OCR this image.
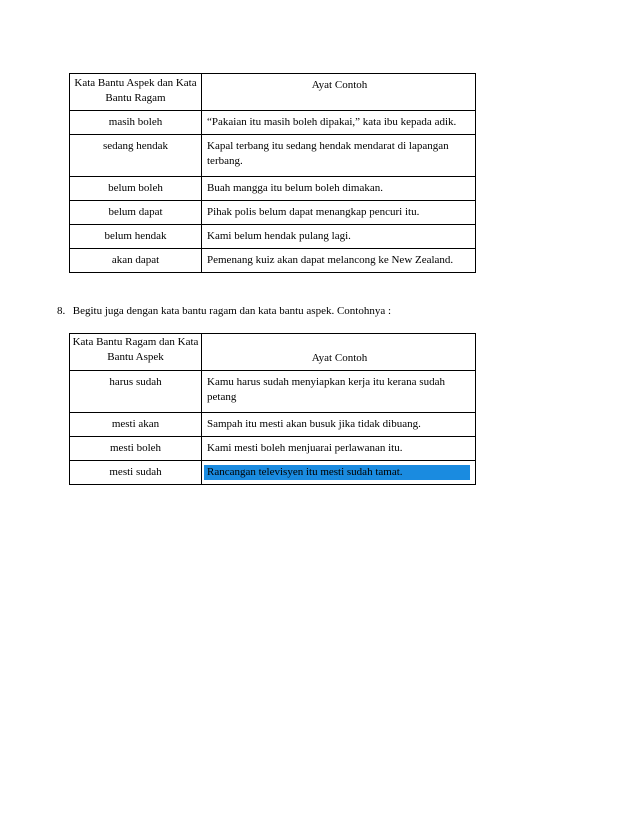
Kata Bantu Aspek dan Kata Bantu Ragam	Ayat Contoh
masih boleh	“Pakaian itu masih boleh dipakai,” kata ibu kepada adik.
sedang hendak	Kapal terbang itu sedang hendak mendarat di lapangan terbang.
belum boleh	Buah mangga itu belum boleh dimakan.
belum dapat	Pihak polis belum dapat menangkap pencuri itu.
belum hendak	Kami belum hendak pulang lagi.
akan dapat	Pemenang kuiz akan dapat melancong ke New Zealand.
8. Begitu juga dengan kata bantu ragam dan kata bantu aspek. Contohnya :
Kata Bantu Ragam dan Kata Bantu Aspek	Ayat Contoh
harus sudah	Kamu harus sudah menyiapkan kerja itu kerana sudah petang
mesti akan	Sampah itu mesti akan busuk jika tidak dibuang.
mesti boleh	Kami mesti boleh menjuarai perlawanan itu.
mesti sudah	Rancangan televisyen itu mesti sudah tamat.
